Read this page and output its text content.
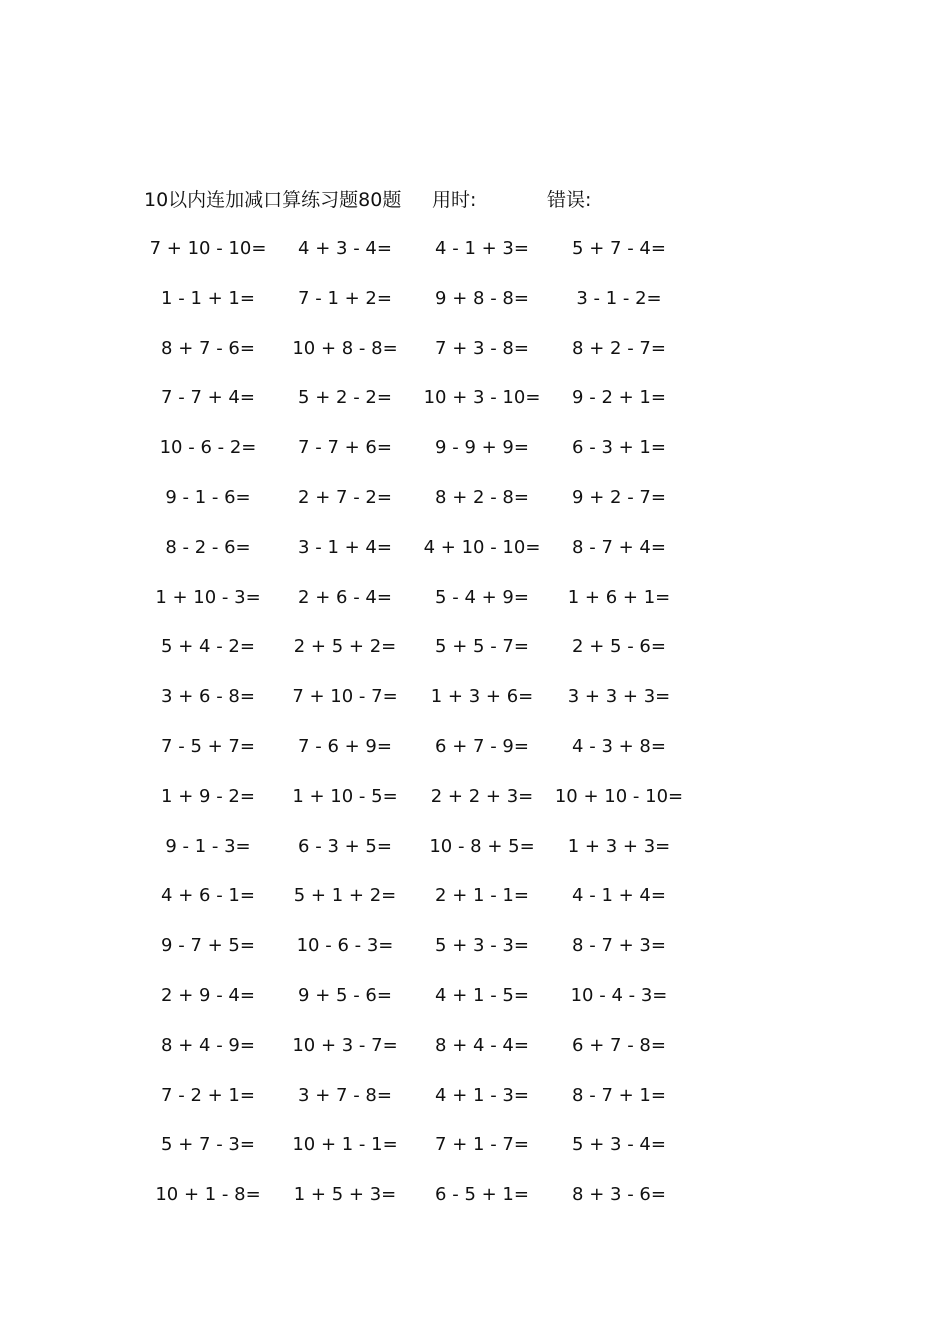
10以内连加减口算练习题80题 用时:	错误:
7 + 10 - 10=	4 + 3 - 4=	4 - 1 + 3=	5 + 7 - 4=
1 - 1 + 1=	7 - 1 + 2=	9 + 8 - 8=	3 - 1 - 2=
8 + 7 - 6=	10 + 8 - 8=	7 + 3 - 8=	8 + 2 - 7=
7 - 7 + 4=	5 + 2 - 2=	10 + 3 - 10=	9 - 2 + 1=
10 - 6 - 2=	7 - 7 + 6=	9 - 9 + 9=	6 - 3 + 1=
9 - 1 - 6=	2 + 7 - 2=	8 + 2 - 8=	9 + 2 - 7=
8 - 2 - 6=	3 - 1 + 4=	4 + 10 - 10=	8 - 7 + 4=
1 + 10 - 3=	2 + 6 - 4=	5 - 4 + 9=	1 + 6 + 1=
5 + 4 - 2=	2 + 5 + 2=	5 + 5 - 7=	2 + 5 - 6=
3 + 6 - 8=	7 + 10 - 7=	1 + 3 + 6=	3 + 3 + 3=
7 - 5 + 7=	7 - 6 + 9=	6 + 7 - 9=	4 - 3 + 8=
1 + 9 - 2=	1 + 10 - 5=	2 + 2 + 3=	10 + 10 - 10=
9 - 1 - 3=	6 - 3 + 5=	10 - 8 + 5=	1 + 3 + 3=
4 + 6 - 1=	5 + 1 + 2=	2 + 1 - 1=	4 - 1 + 4=
9 - 7 + 5=	10 - 6 - 3=	5 + 3 - 3=	8 - 7 + 3=
2 + 9 - 4=	9 + 5 - 6=	4 + 1 - 5=	10 - 4 - 3=
8 + 4 - 9=	10 + 3 - 7=	8 + 4 - 4=	6 + 7 - 8=
7 - 2 + 1=	3 + 7 - 8=	4 + 1 - 3=	8 - 7 + 1=
5 + 7 - 3=	10 + 1 - 1=	7 + 1 - 7=	5 + 3 - 4=
10 + 1 - 8=	1 + 5 + 3=	6 - 5 + 1=	8 + 3 - 6=
